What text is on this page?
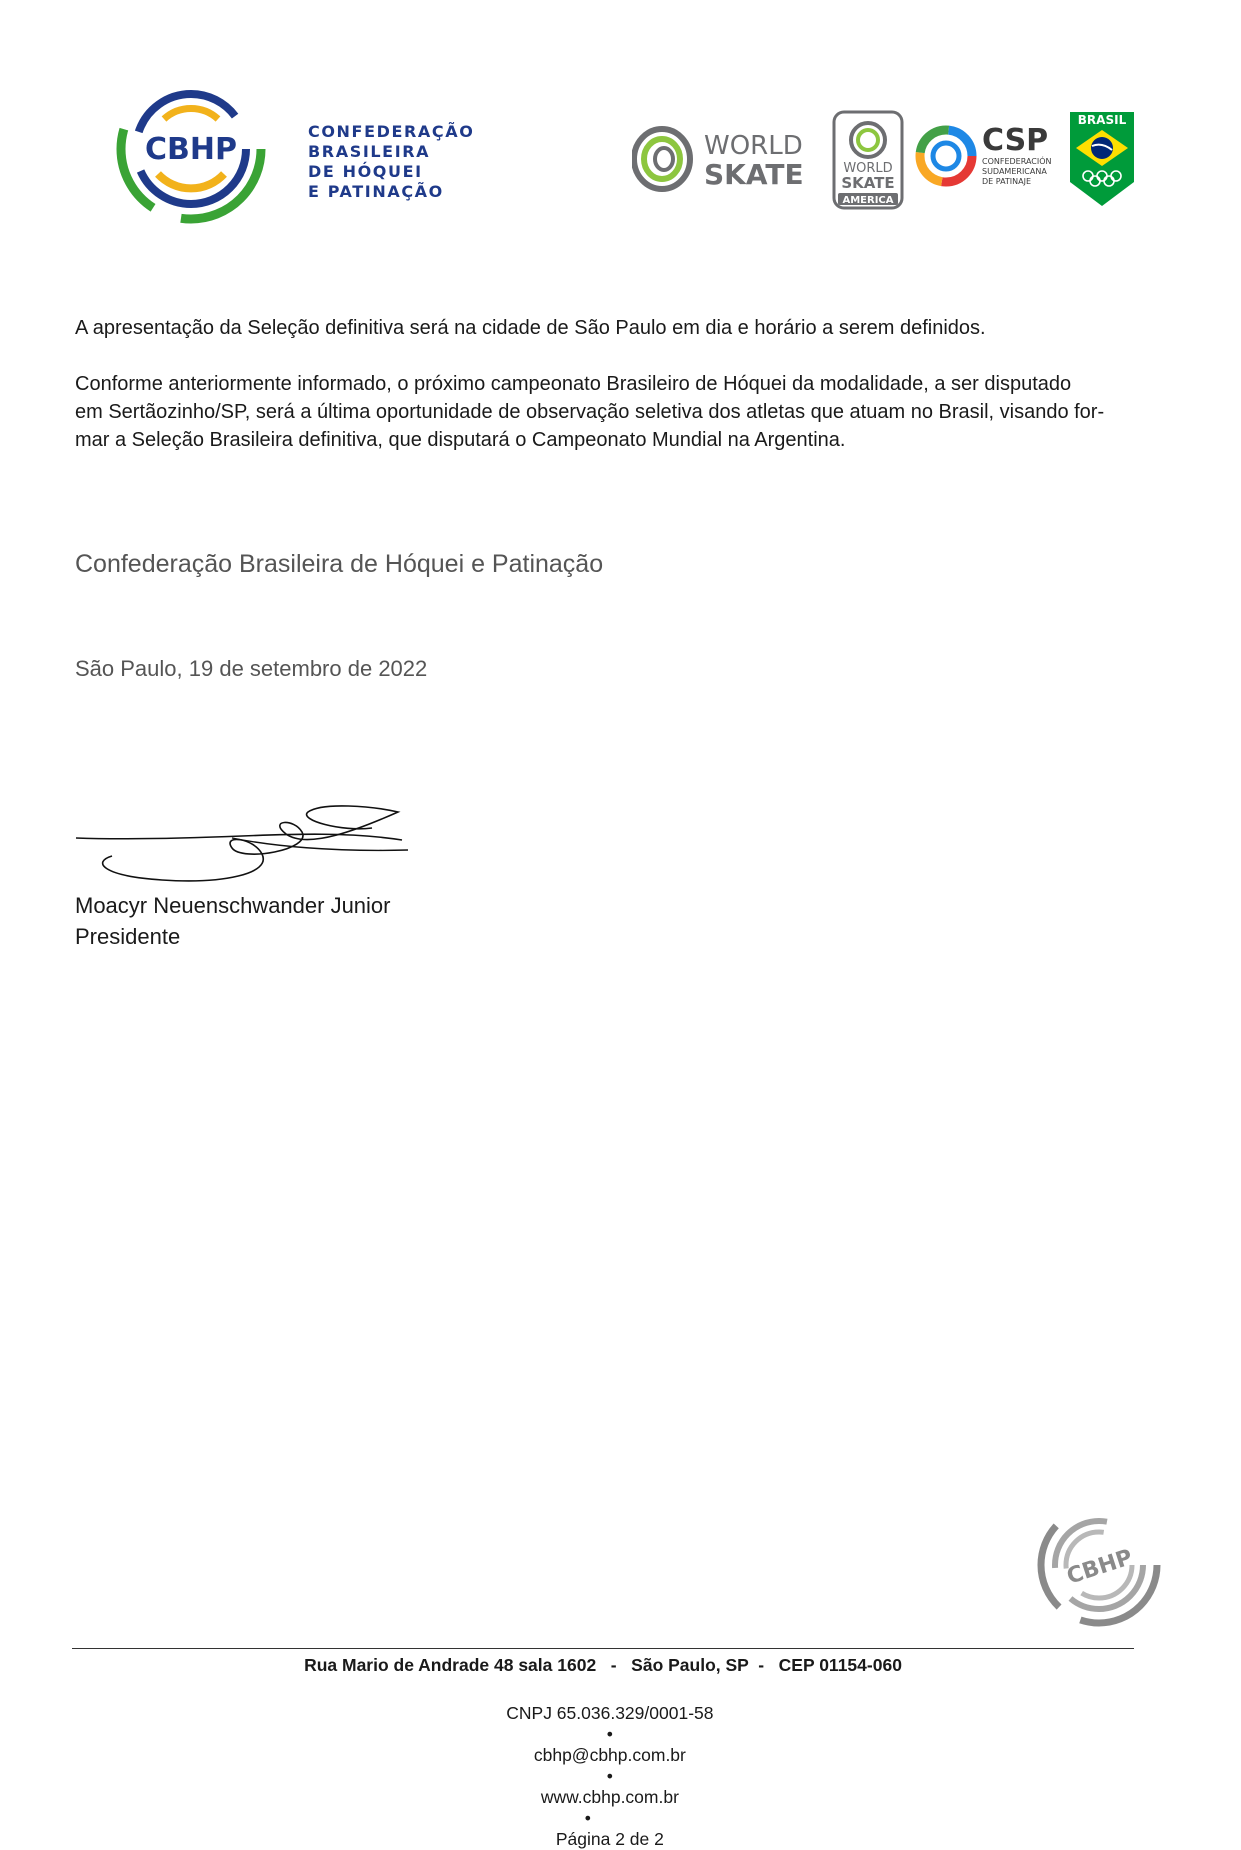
CBHP
CONFEDERAÇÃO
BRASILEIRA
DE HÓQUEI
E PATINAÇÃO
WORLD
SKATE	WORLD
SKATE
AMERICA
CSP
CONFEDERACIÓN
SUDAMERICANA
DE PATINAJE
BRASIL
A apresentação da Seleção definitiva será na cidade de São Paulo em dia e horário a serem definidos.
Conforme anteriormente informado, o próximo campeonato Brasileiro de Hóquei da modalidade, a ser disputado
em Sertãozinho/SP, será a última oportunidade de observação seletiva dos atletas que atuam no Brasil, visando for-
mar a Seleção Brasileira definitiva, que disputará o Campeonato Mundial na Argentina.
Confederação Brasileira de Hóquei e Patinação
São Paulo, 19 de setembro de 2022
Moacyr Neuenschwander Junior
Presidente
CBHP
Rua Mario de Andrade 48 sala 1602   -   São Paulo, SP  -   CEP 01154-060

CNPJ 65.036.329/0001-58
•
cbhp@cbhp.com.br
•
www.cbhp.com.br
•
Página 2 de 2
